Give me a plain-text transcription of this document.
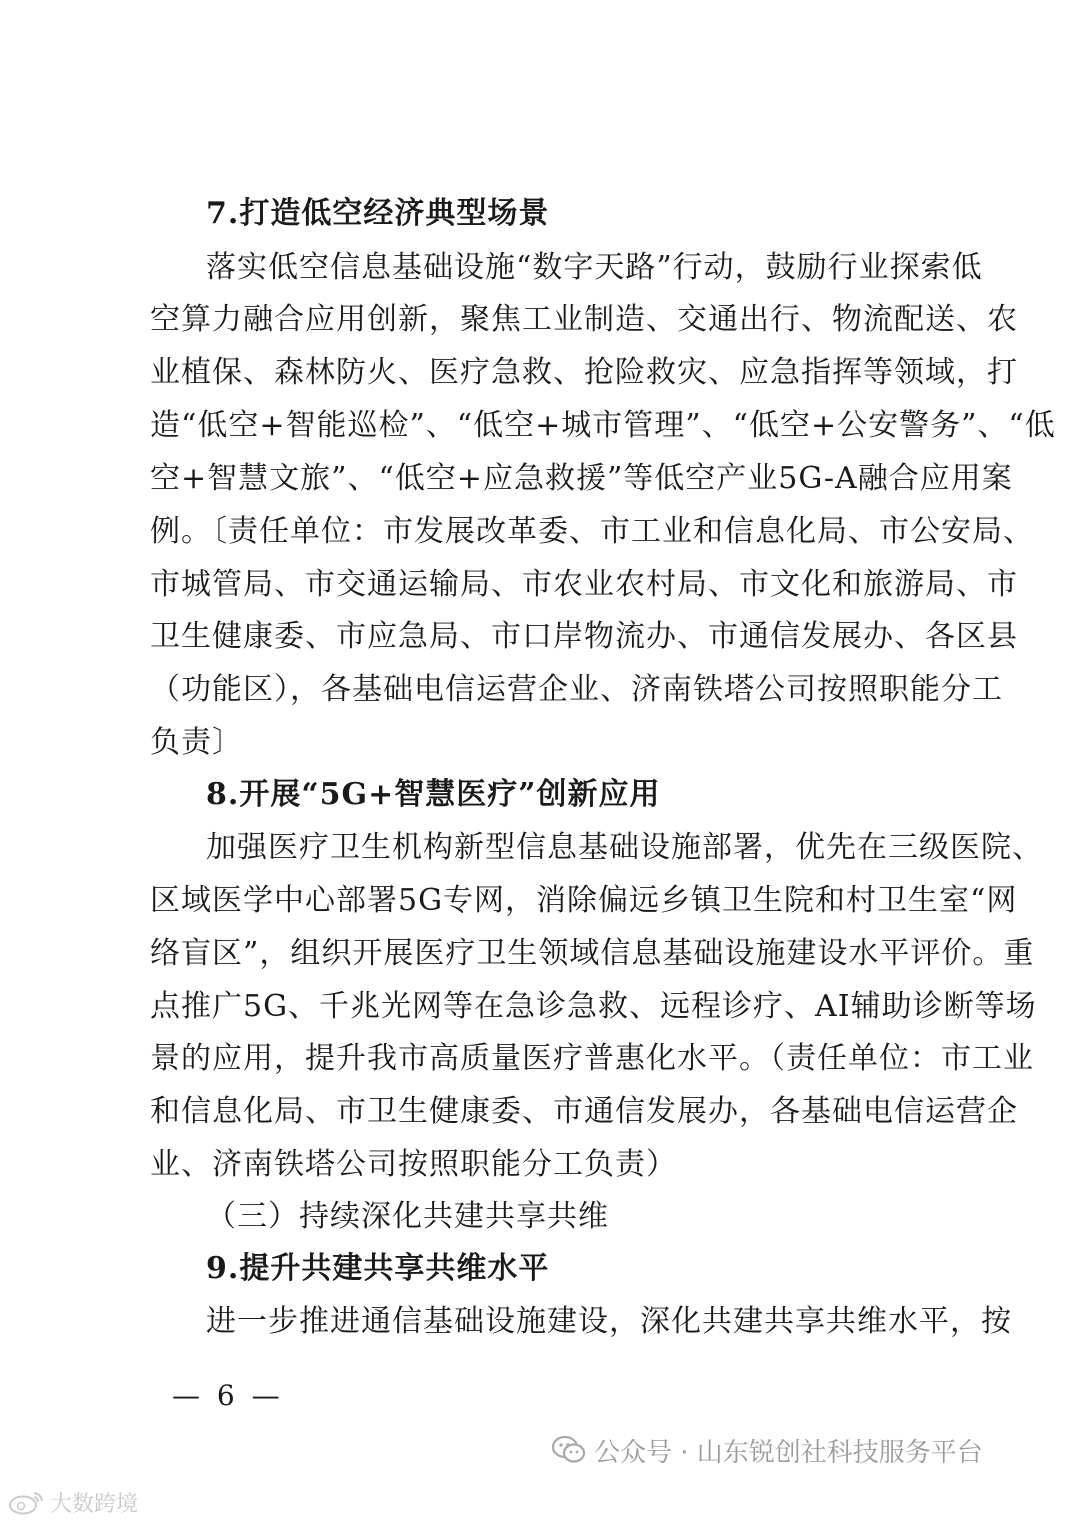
7.打造低空经济典型场景
落实低空信息基础设施“数字天路”行动，鼓励行业探索低
空算力融合应用创新，聚焦工业制造、交通出行、物流配送、农
业植保、森林防火、医疗急救、抢险救灾、应急指挥等领域，打
造“低空+智能巡检”、“低空+城市管理”、“低空+公安警务”、“低
空+智慧文旅”、“低空+应急救援”等低空产业5G-A融合应用案
例。〔责任单位：市发展改革委、市工业和信息化局、市公安局、
市城管局、市交通运输局、市农业农村局、市文化和旅游局、市
卫生健康委、市应急局、市口岸物流办、市通信发展办、各区县
（功能区），各基础电信运营企业、济南铁塔公司按照职能分工
负责〕
8.开展“5G+智慧医疗”创新应用
加强医疗卫生机构新型信息基础设施部署，优先在三级医院、
区域医学中心部署5G专网，消除偏远乡镇卫生院和村卫生室“网
络盲区”，组织开展医疗卫生领域信息基础设施建设水平评价。重
点推广5G、千兆光网等在急诊急救、远程诊疗、AI辅助诊断等场
景的应用，提升我市高质量医疗普惠化水平。（责任单位：市工业
和信息化局、市卫生健康委、市通信发展办，各基础电信运营企
业、济南铁塔公司按照职能分工负责）
（三）持续深化共建共享共维
9.提升共建共享共维水平
进一步推进通信基础设施建设，深化共建共享共维水平，按
— 6 —
公众号 · 山东锐创社科技服务平台
大数跨境
